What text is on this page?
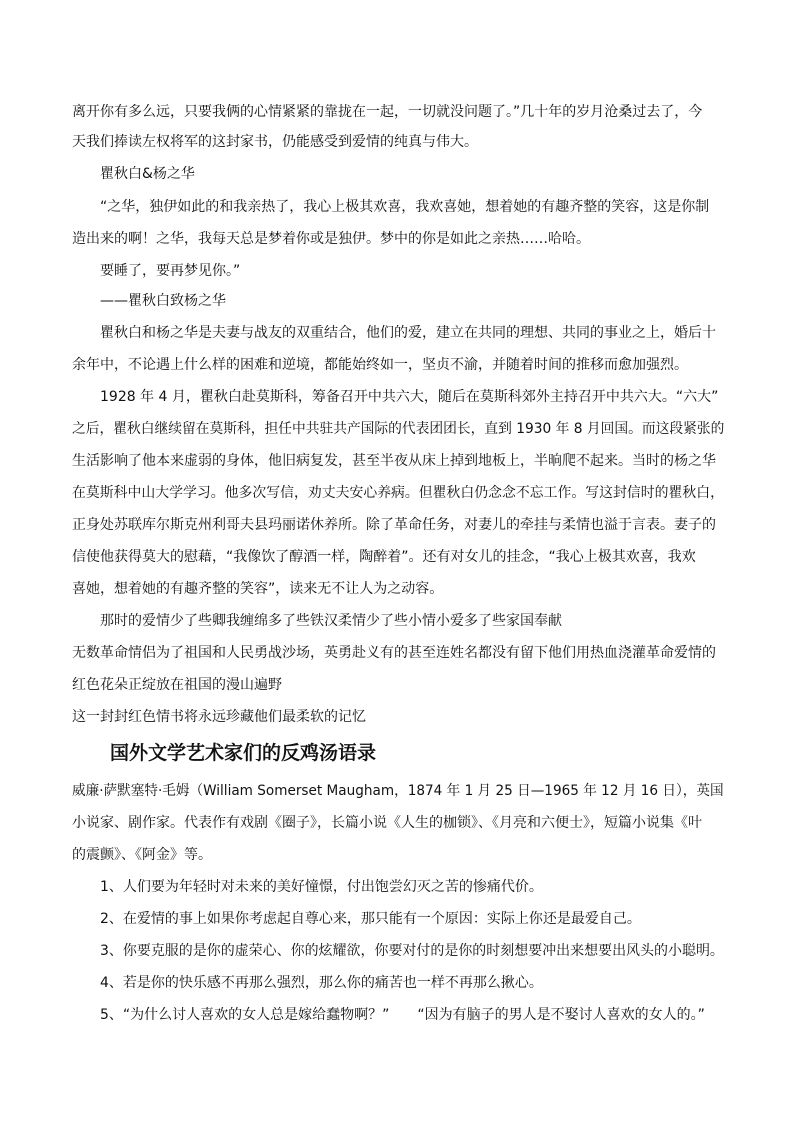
离开你有多么远，只要我俩的心情紧紧的靠拢在一起，一切就没问题了。”几十年的岁月沧桑过去了，今
天我们捧读左权将军的这封家书，仍能感受到爱情的纯真与伟大。
瞿秋白&杨之华
“之华，独伊如此的和我亲热了，我心上极其欢喜，我欢喜她，想着她的有趣齐整的笑容，这是你制
造出来的啊！之华，我每天总是梦着你或是独伊。梦中的你是如此之亲热……哈哈。
要睡了，要再梦见你。”
——瞿秋白致杨之华
瞿秋白和杨之华是夫妻与战友的双重结合，他们的爱，建立在共同的理想、共同的事业之上，婚后十
余年中，不论遇上什么样的困难和逆境，都能始终如一，坚贞不渝，并随着时间的推移而愈加强烈。
1928 年 4 月，瞿秋白赴莫斯科，筹备召开中共六大，随后在莫斯科郊外主持召开中共六大。“六大”
之后，瞿秋白继续留在莫斯科，担任中共驻共产国际的代表团团长，直到 1930 年 8 月回国。而这段紧张的
生活影响了他本来虚弱的身体，他旧病复发，甚至半夜从床上掉到地板上，半晌爬不起来。当时的杨之华
在莫斯科中山大学学习。他多次写信，劝丈夫安心养病。但瞿秋白仍念念不忘工作。写这封信时的瞿秋白，
正身处苏联库尔斯克州利哥夫县玛丽诺休养所。除了革命任务，对妻儿的牵挂与柔情也溢于言表。妻子的
信使他获得莫大的慰藉，“我像饮了醇酒一样，陶醉着”。还有对女儿的挂念，“我心上极其欢喜，我欢
喜她，想着她的有趣齐整的笑容”，读来无不让人为之动容。
那时的爱情少了些卿我缠绵多了些铁汉柔情少了些小情小爱多了些家国奉献
无数革命情侣为了祖国和人民勇战沙场，英勇赴义有的甚至连姓名都没有留下他们用热血浇灌革命爱情的
红色花朵正绽放在祖国的漫山遍野
这一封封红色情书将永远珍藏他们最柔软的记忆
国外文学艺术家们的反鸡汤语录
威廉·萨默塞特·毛姆（William Somerset Maugham，1874 年 1 月 25 日—1965 年 12 月 16 日），英国
小说家、剧作家。代表作有戏剧《圈子》，长篇小说《人生的枷锁》、《月亮和六便士》，短篇小说集《叶
的震颤》、《阿金》等。
1、人们要为年轻时对未来的美好憧憬，付出饱尝幻灭之苦的惨痛代价。
2、在爱情的事上如果你考虑起自尊心来，那只能有一个原因：实际上你还是最爱自己。
3、你要克服的是你的虚荣心、你的炫耀欲，你要对付的是你的时刻想要冲出来想要出风头的小聪明。
4、若是你的快乐感不再那么强烈，那么你的痛苦也一样不再那么揪心。
5、“为什么讨人喜欢的女人总是嫁给蠢物啊？”　　“因为有脑子的男人是不娶讨人喜欢的女人的。”
